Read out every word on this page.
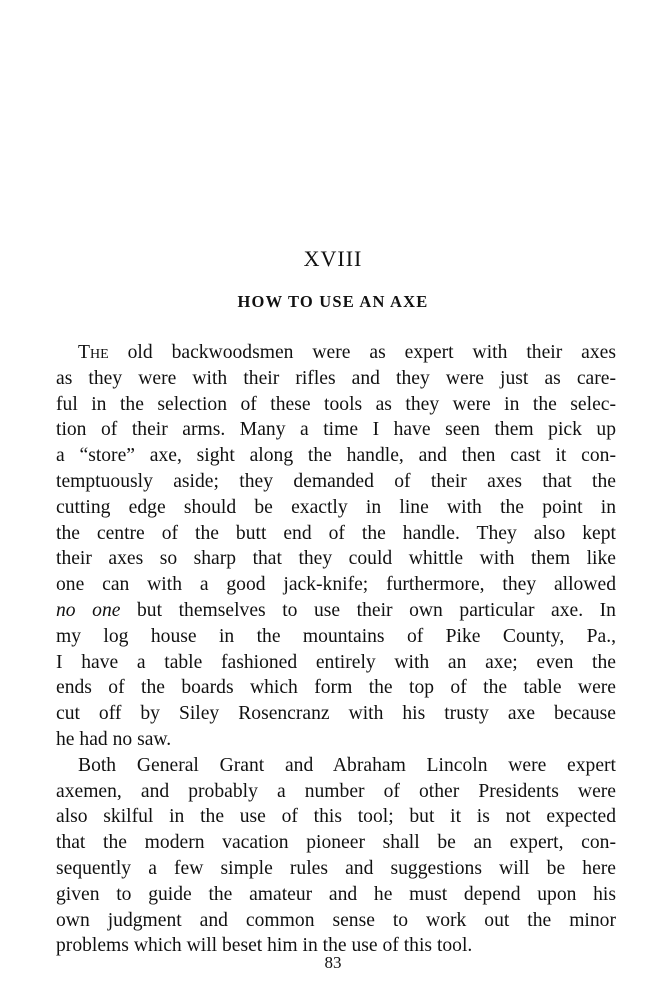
XVIII
HOW TO USE AN AXE
The old backwoodsmen were as expert with their axes
as they were with their rifles and they were just as care-
ful in the selection of these tools as they were in the selec-
tion of their arms. Many a time I have seen them pick up
a “store” axe, sight along the handle, and then cast it con-
temptuously aside; they demanded of their axes that the
cutting edge should be exactly in line with the point in
the centre of the butt end of the handle. They also kept
their axes so sharp that they could whittle with them like
one can with a good jack-knife; furthermore, they allowed
no one but themselves to use their own particular axe. In
my log house in the mountains of Pike County, Pa.,
I have a table fashioned entirely with an axe; even the
ends of the boards which form the top of the table were
cut off by Siley Rosencranz with his trusty axe because
he had no saw.
Both General Grant and Abraham Lincoln were expert
axemen, and probably a number of other Presidents were
also skilful in the use of this tool; but it is not expected
that the modern vacation pioneer shall be an expert, con-
sequently a few simple rules and suggestions will be here
given to guide the amateur and he must depend upon his
own judgment and common sense to work out the minor
problems which will beset him in the use of this tool.
83
